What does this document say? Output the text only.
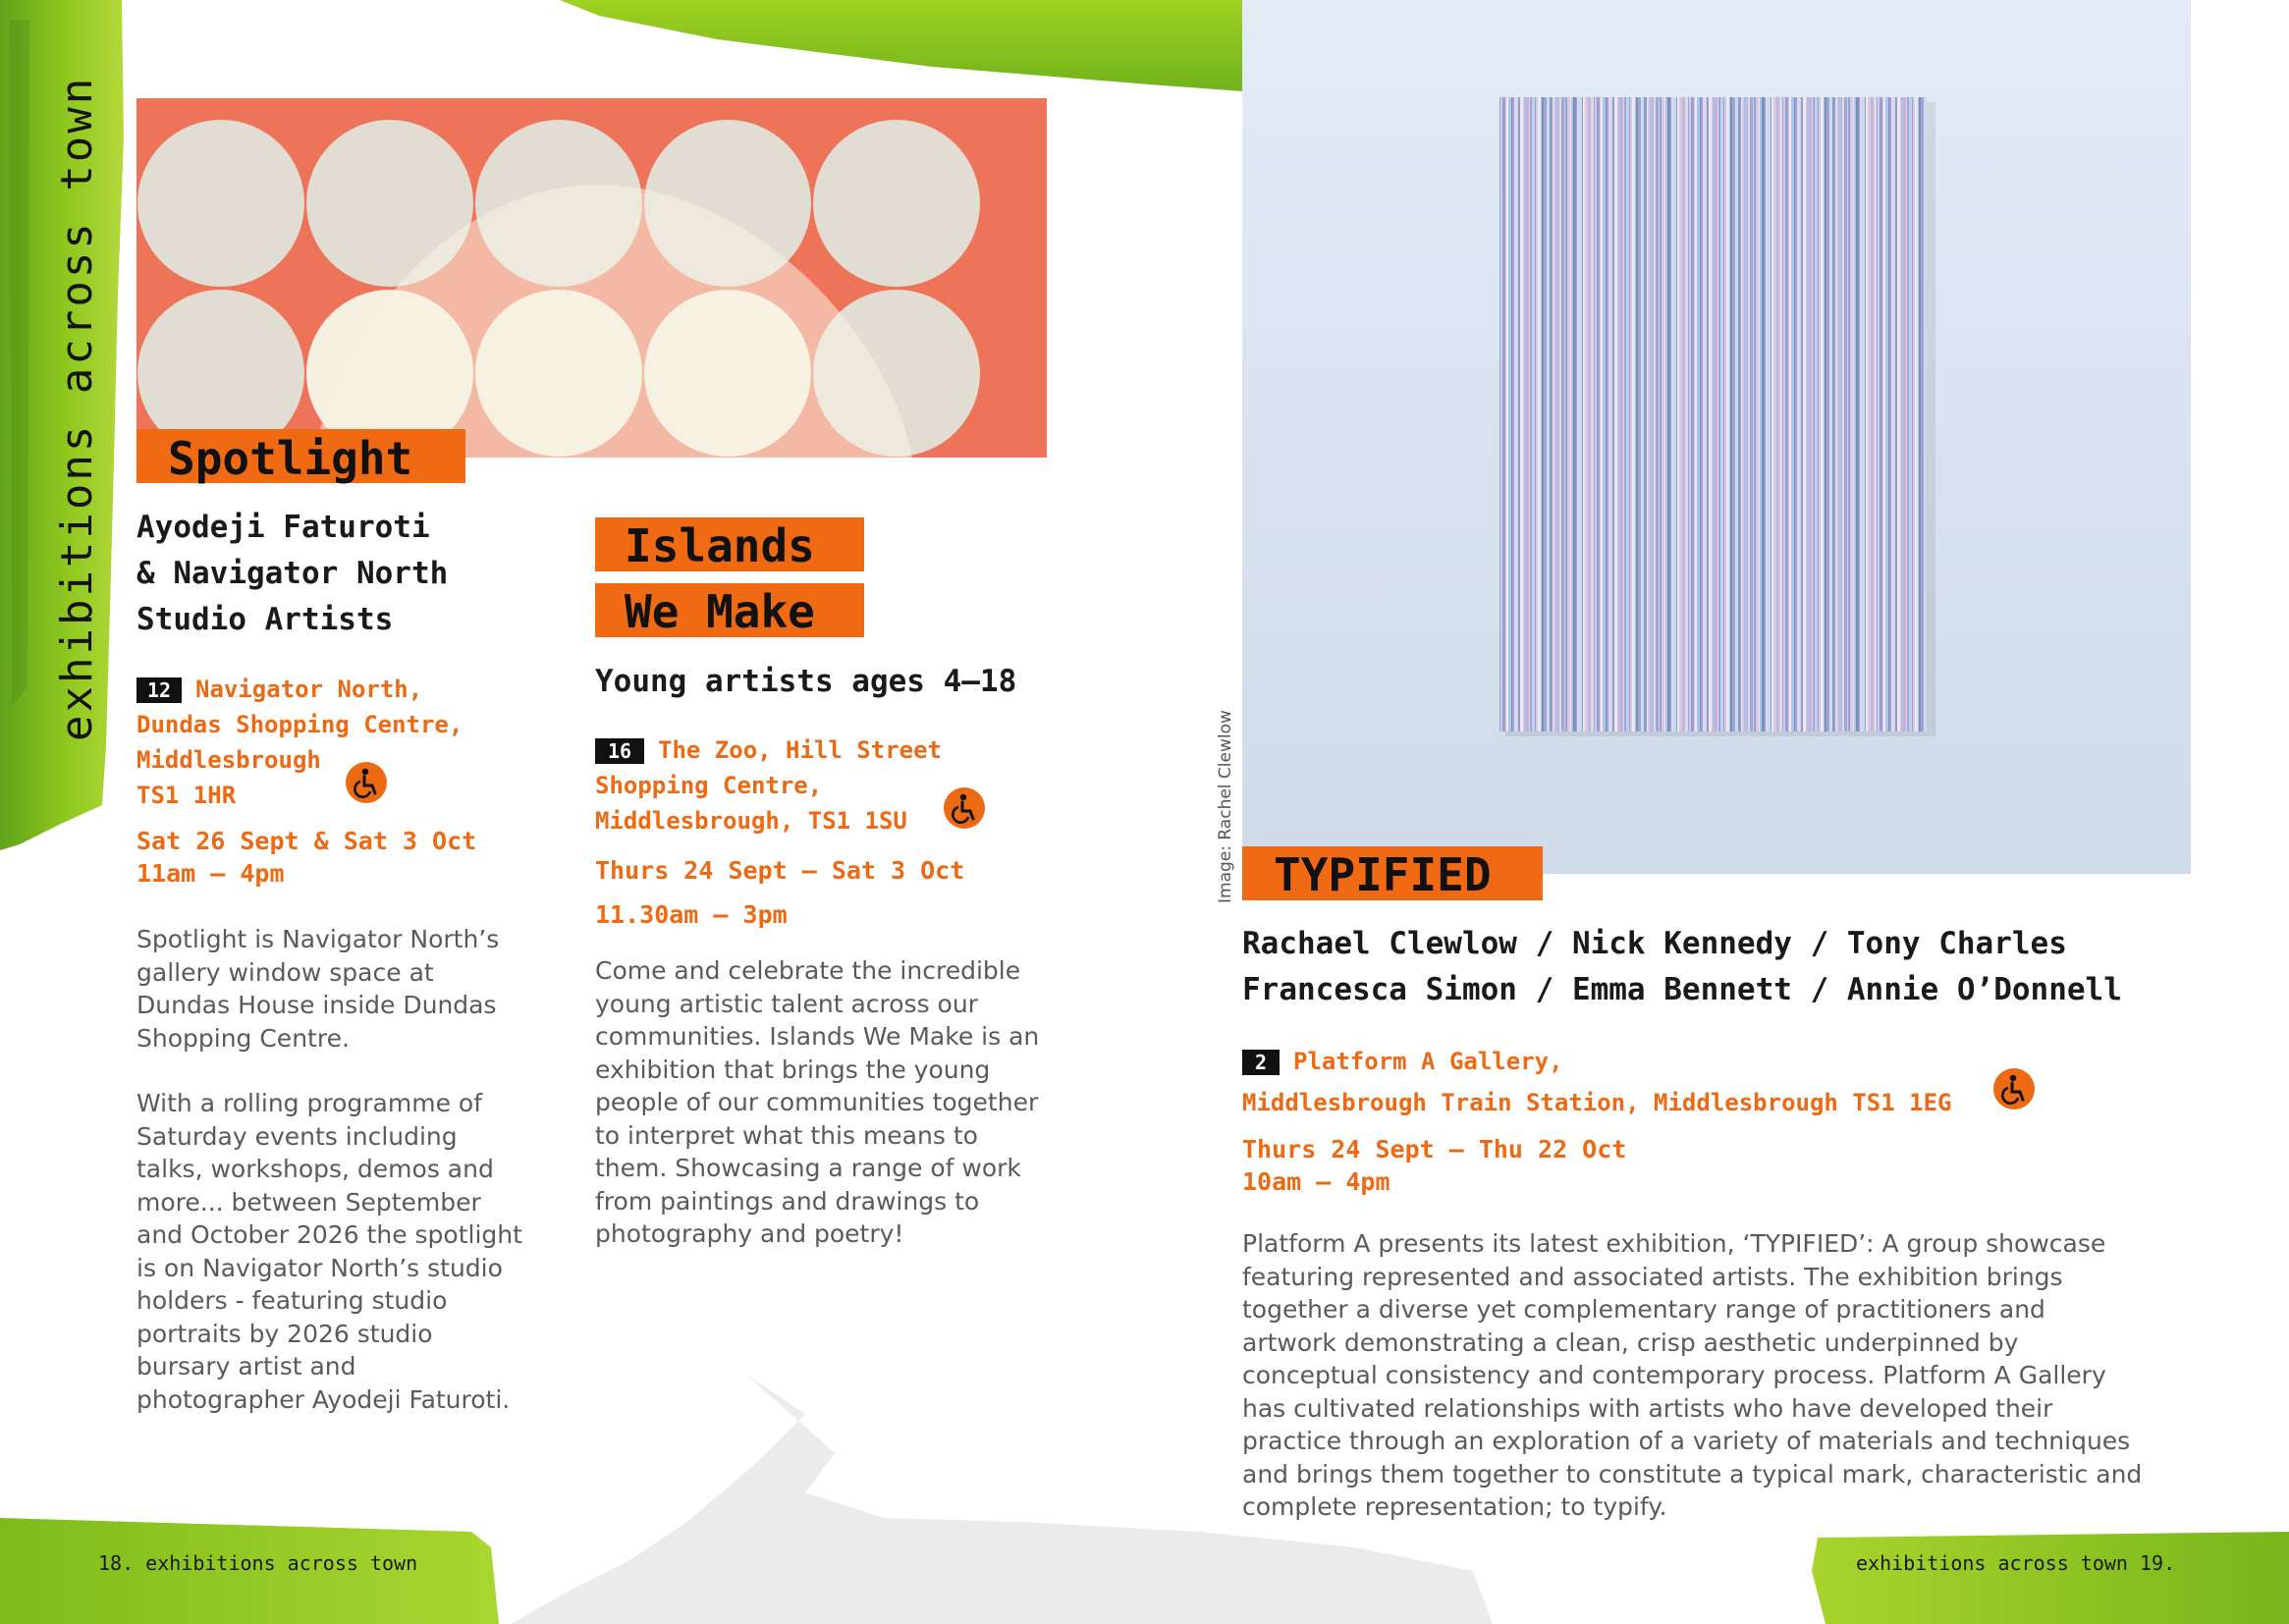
exhibitions across town	Spotlight
Ayodeji Faturoti
& Navigator North
Studio Artists
12 Navigator North,
Dundas Shopping Centre,
Middlesbrough
TS1 1HR
Sat 26 Sept & Sat 3 Oct
11am – 4pm

Spotlight is Navigator North’s gallery window space at Dundas House inside Dundas Shopping Centre.

With a rolling programme of Saturday events including talks, workshops, demos and more... between September and October 2026 the spotlight is on Navigator North’s studio holders - featuring studio portraits by 2026 studio bursary artist and photographer Ayodeji Faturoti.

Islands
We Make
Young artists ages 4–18
16 The Zoo, Hill Street
Shopping Centre,
Middlesbrough, TS1 1SU
Thurs 24 Sept – Sat 3 Oct
11.30am – 3pm

Come and celebrate the incredible young artistic talent across our communities. Islands We Make is an exhibition that brings the young people of our communities together to interpret what this means to them. Showcasing a range of work from paintings and drawings to photography and poetry!

Image: Rachel Clewlow TYPIFIED
Rachael Clewlow / Nick Kennedy / Tony Charles
Francesca Simon / Emma Bennett / Annie O’Donnell
2 Platform A Gallery,
Middlesbrough Train Station, Middlesbrough TS1 1EG
Thurs 24 Sept – Thu 22 Oct
10am – 4pm

Platform A presents its latest exhibition, ‘TYPIFIED’: A group showcase featuring represented and associated artists. The exhibition brings together a diverse yet complementary range of practitioners and artwork demonstrating a clean, crisp aesthetic underpinned by conceptual consistency and contemporary process. Platform A Gallery has cultivated relationships with artists who have developed their practice through an exploration of a variety of materials and techniques and brings them together to constitute a typical mark, characteristic and complete representation; to typify.

18. exhibitions across town	exhibitions across town 19.
